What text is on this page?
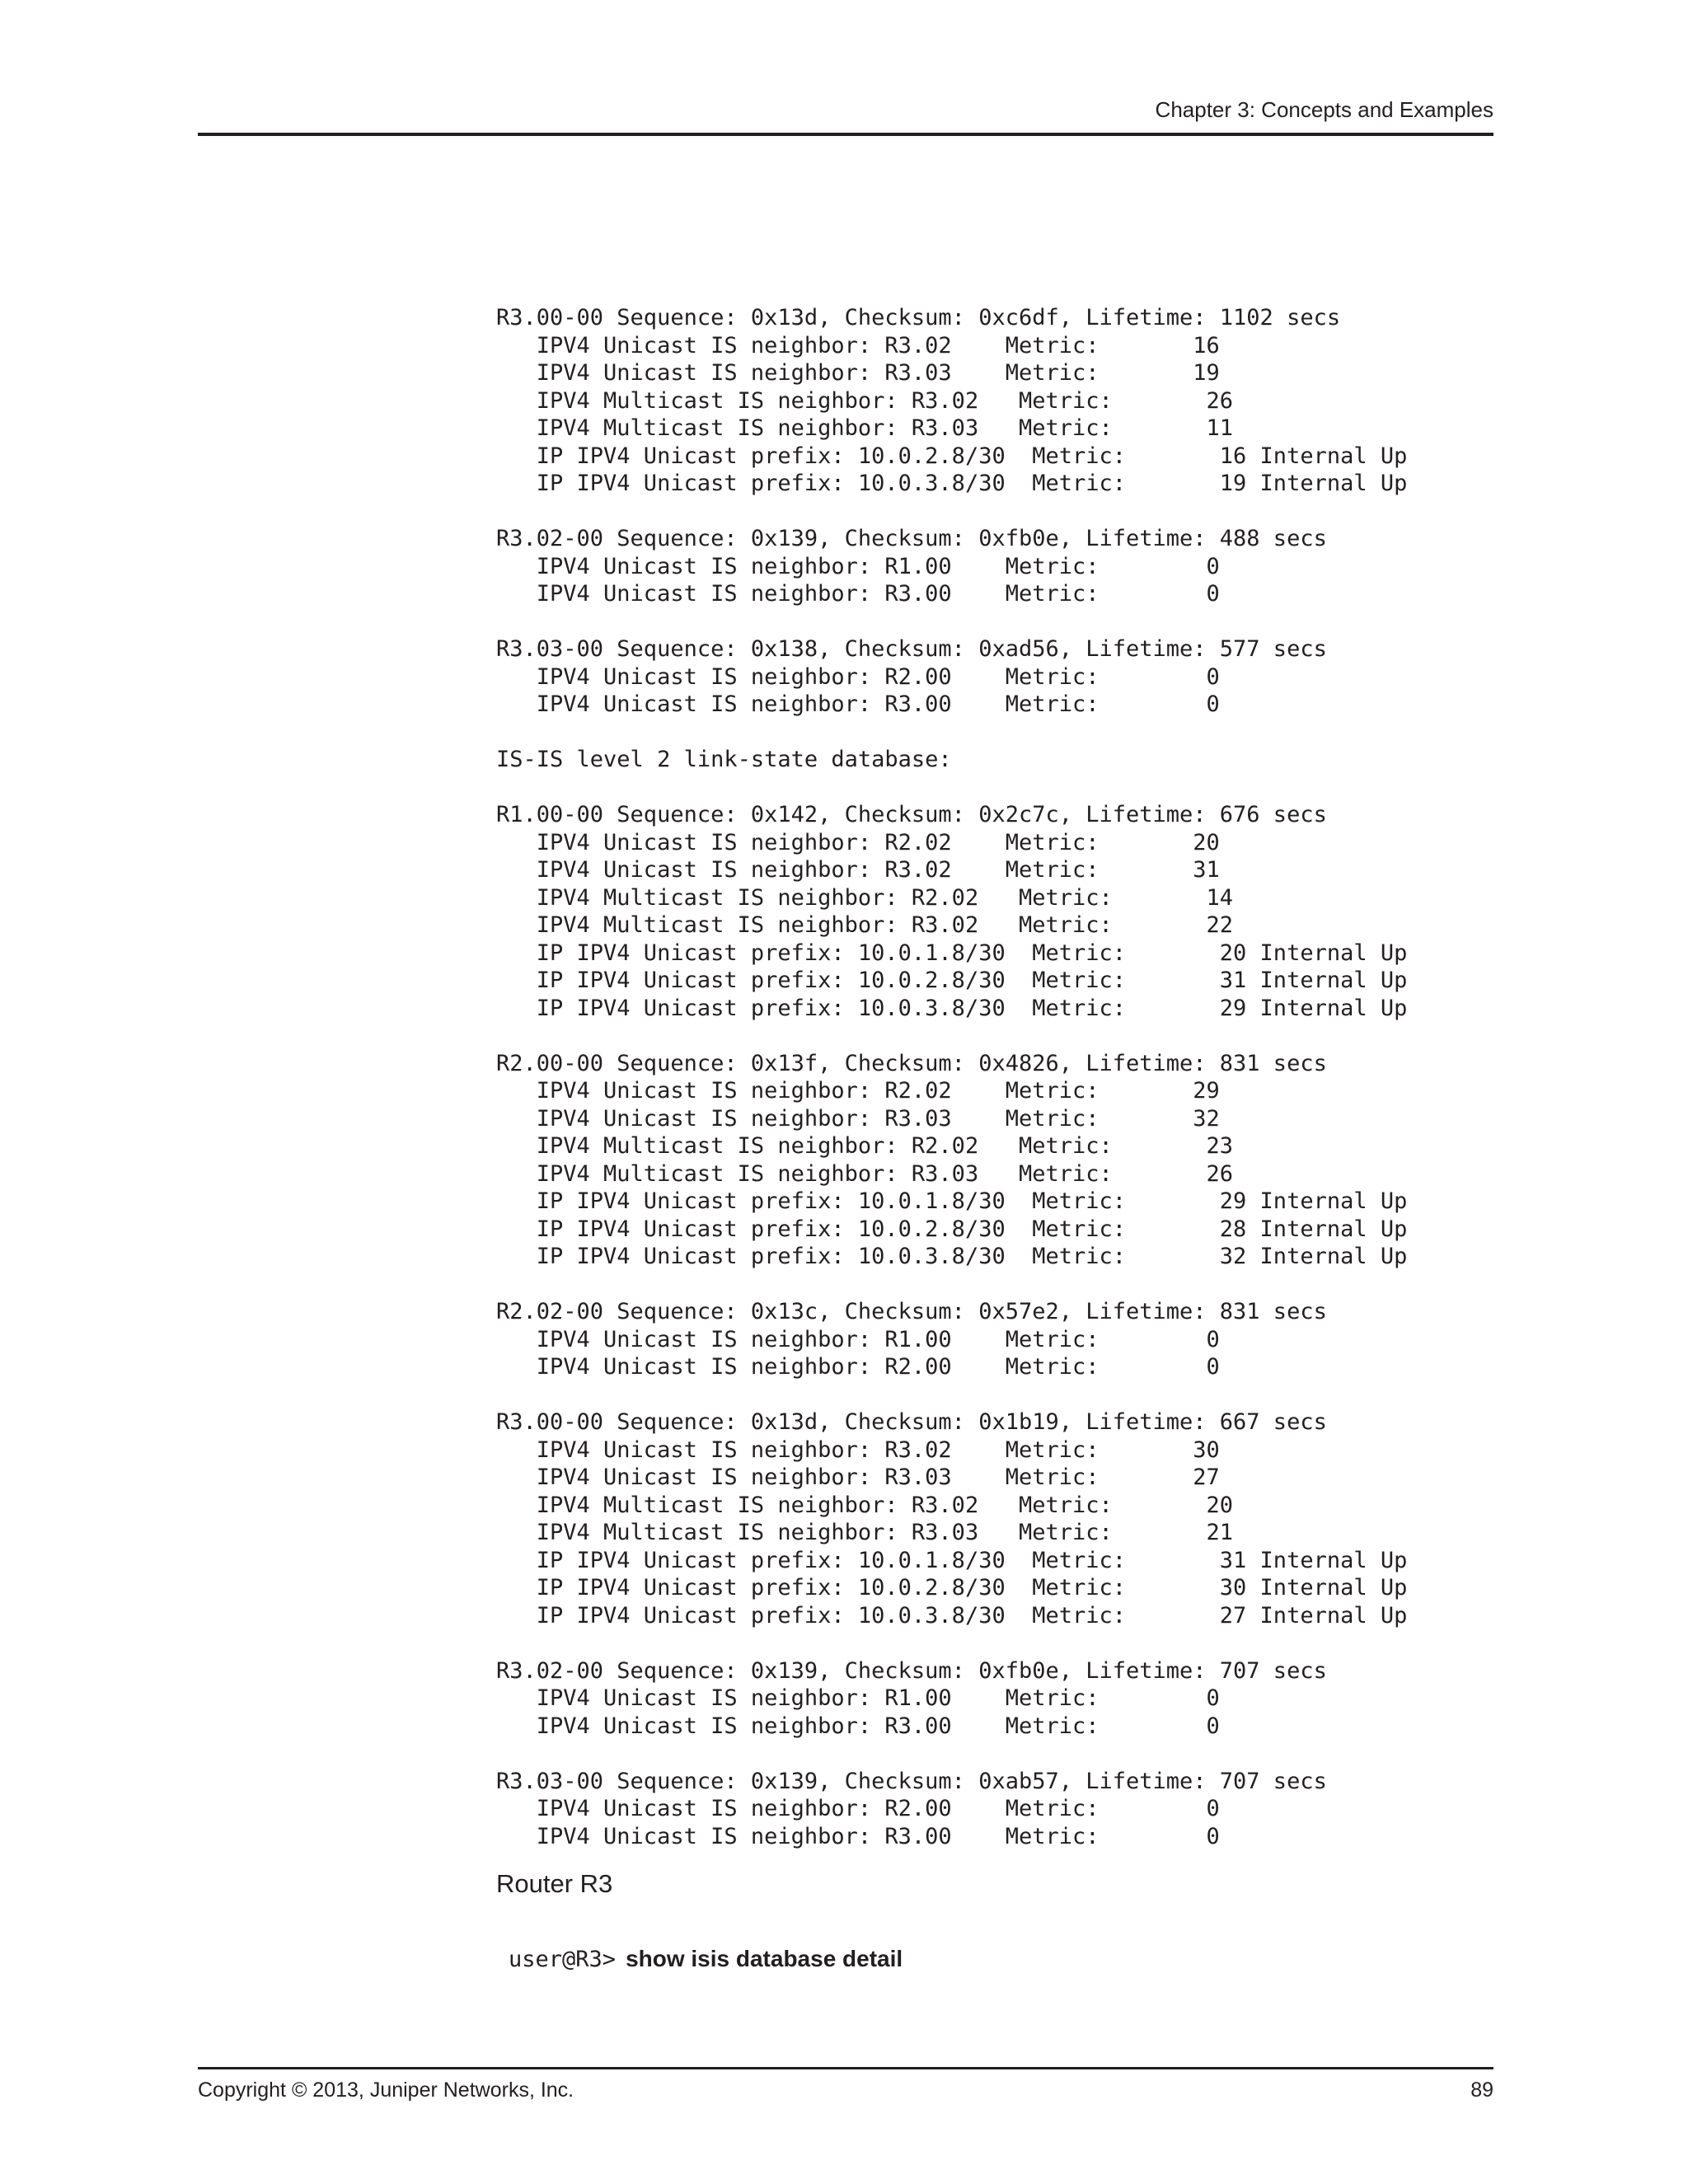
Chapter 3: Concepts and Examples
R3.00-00 Sequence: 0x13d, Checksum: 0xc6df, Lifetime: 1102 secs
IPV4 Unicast IS neighbor: R3.02    Metric:       16
IPV4 Unicast IS neighbor: R3.03    Metric:       19
IPV4 Multicast IS neighbor: R3.02   Metric:       26
IPV4 Multicast IS neighbor: R3.03   Metric:       11
IP IPV4 Unicast prefix: 10.0.2.8/30  Metric:       16 Internal Up
IP IPV4 Unicast prefix: 10.0.3.8/30  Metric:       19 Internal Up
R3.02-00 Sequence: 0x139, Checksum: 0xfb0e, Lifetime: 488 secs
IPV4 Unicast IS neighbor: R1.00    Metric:        0
IPV4 Unicast IS neighbor: R3.00    Metric:        0
R3.03-00 Sequence: 0x138, Checksum: 0xad56, Lifetime: 577 secs
IPV4 Unicast IS neighbor: R2.00    Metric:        0
IPV4 Unicast IS neighbor: R3.00    Metric:        0
IS-IS level 2 link-state database:
R1.00-00 Sequence: 0x142, Checksum: 0x2c7c, Lifetime: 676 secs
IPV4 Unicast IS neighbor: R2.02    Metric:       20
IPV4 Unicast IS neighbor: R3.02    Metric:       31
IPV4 Multicast IS neighbor: R2.02   Metric:       14
IPV4 Multicast IS neighbor: R3.02   Metric:       22
IP IPV4 Unicast prefix: 10.0.1.8/30  Metric:       20 Internal Up
IP IPV4 Unicast prefix: 10.0.2.8/30  Metric:       31 Internal Up
IP IPV4 Unicast prefix: 10.0.3.8/30  Metric:       29 Internal Up
R2.00-00 Sequence: 0x13f, Checksum: 0x4826, Lifetime: 831 secs
IPV4 Unicast IS neighbor: R2.02    Metric:       29
IPV4 Unicast IS neighbor: R3.03    Metric:       32
IPV4 Multicast IS neighbor: R2.02   Metric:       23
IPV4 Multicast IS neighbor: R3.03   Metric:       26
IP IPV4 Unicast prefix: 10.0.1.8/30  Metric:       29 Internal Up
IP IPV4 Unicast prefix: 10.0.2.8/30  Metric:       28 Internal Up
IP IPV4 Unicast prefix: 10.0.3.8/30  Metric:       32 Internal Up
R2.02-00 Sequence: 0x13c, Checksum: 0x57e2, Lifetime: 831 secs
IPV4 Unicast IS neighbor: R1.00    Metric:        0
IPV4 Unicast IS neighbor: R2.00    Metric:        0
R3.00-00 Sequence: 0x13d, Checksum: 0x1b19, Lifetime: 667 secs
IPV4 Unicast IS neighbor: R3.02    Metric:       30
IPV4 Unicast IS neighbor: R3.03    Metric:       27
IPV4 Multicast IS neighbor: R3.02   Metric:       20
IPV4 Multicast IS neighbor: R3.03   Metric:       21
IP IPV4 Unicast prefix: 10.0.1.8/30  Metric:       31 Internal Up
IP IPV4 Unicast prefix: 10.0.2.8/30  Metric:       30 Internal Up
IP IPV4 Unicast prefix: 10.0.3.8/30  Metric:       27 Internal Up
R3.02-00 Sequence: 0x139, Checksum: 0xfb0e, Lifetime: 707 secs
IPV4 Unicast IS neighbor: R1.00    Metric:        0
IPV4 Unicast IS neighbor: R3.00    Metric:        0
R3.03-00 Sequence: 0x139, Checksum: 0xab57, Lifetime: 707 secs
IPV4 Unicast IS neighbor: R2.00    Metric:        0
IPV4 Unicast IS neighbor: R3.00    Metric:        0
Router R3

user@R3> show isis database detail

Copyright © 2013, Juniper Networks, Inc.	89
